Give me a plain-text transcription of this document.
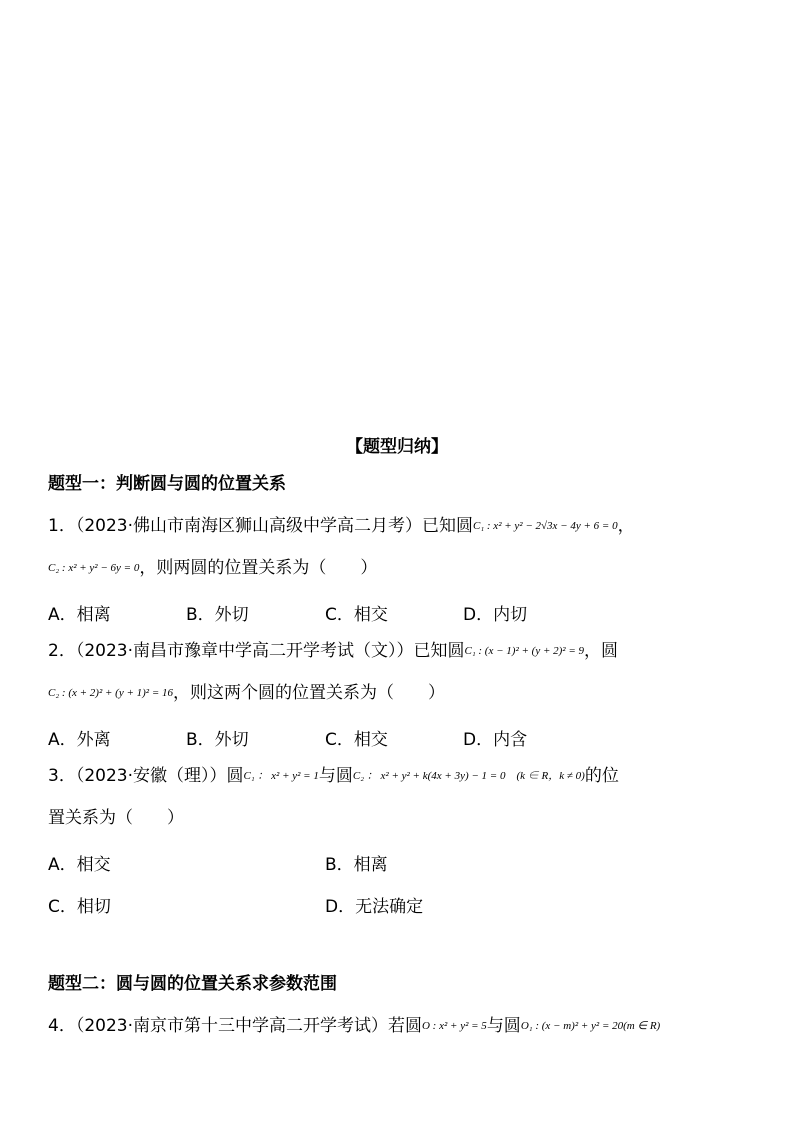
【题型归纳】
题型一：判断圆与圆的位置关系
1．（2023·佛山市南海区狮山高级中学高二月考）已知圆C₁ : x² + y² − 2√3x − 4y + 6 = 0，
C₂ : x² + y² − 6y = 0，则两圆的位置关系为（　　）
A．相离	B．外切	C．相交	D．内切
2．（2023·南昌市豫章中学高二开学考试（文））已知圆C₁ : (x − 1)² + (y + 2)² = 9，圆
C₂ : (x + 2)² + (y + 1)² = 16，则这两个圆的位置关系为（　　）
A．外离	B．外切	C．相交	D．内含
3．（2023·安徽（理））圆C₁ ： x² + y² = 1与圆C₂ ： x² + y² + k(4x + 3y) − 1 = 0　(k ∈ R，k ≠ 0)的位
置关系为（　　）
A．相交	B．相离
C．相切	D．无法确定
题型二：圆与圆的位置关系求参数范围
4．（2023·南京市第十三中学高二开学考试）若圆O : x² + y² = 5与圆O₁ : (x − m)² + y² = 20(m ∈ R)
